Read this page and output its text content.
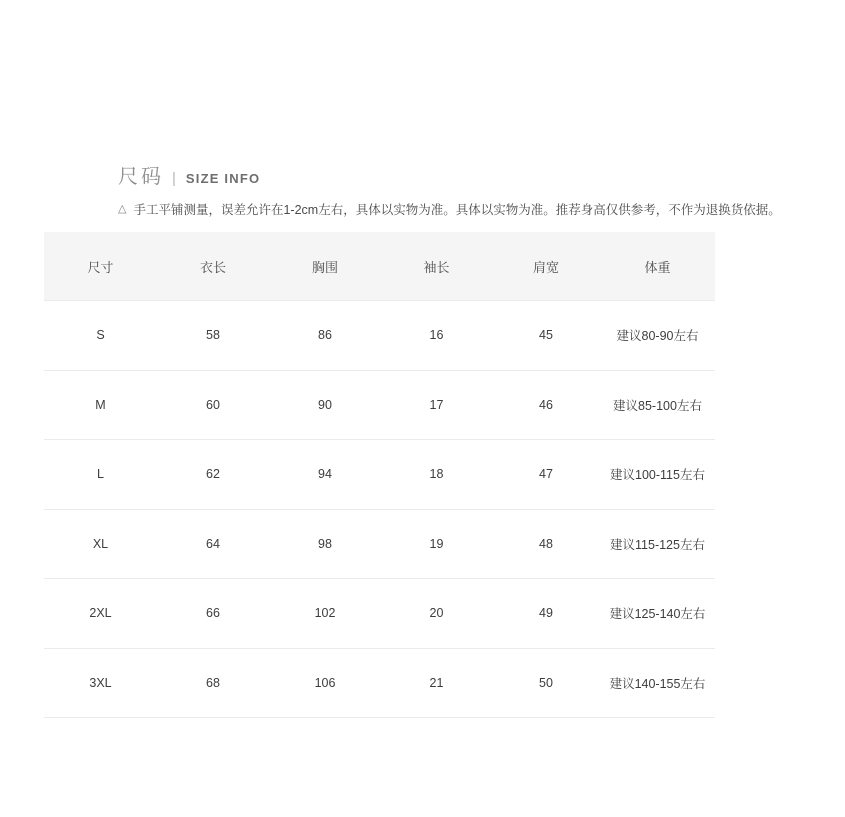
尺码 | SIZE INFO
△ 手工平铺测量，误差允许在1-2cm左右，具体以实物为准。具体以实物为准。推荐身高仅供参考，不作为退换货依据。
尺寸	衣长	胸围	袖长	肩宽	体重
S	58	86	16	45	建议80-90左右
M	60	90	17	46	建议85-100左右
L	62	94	18	47	建议100-115左右
XL	64	98	19	48	建议115-125左右
2XL	66	102	20	49	建议125-140左右
3XL	68	106	21	50	建议140-155左右
